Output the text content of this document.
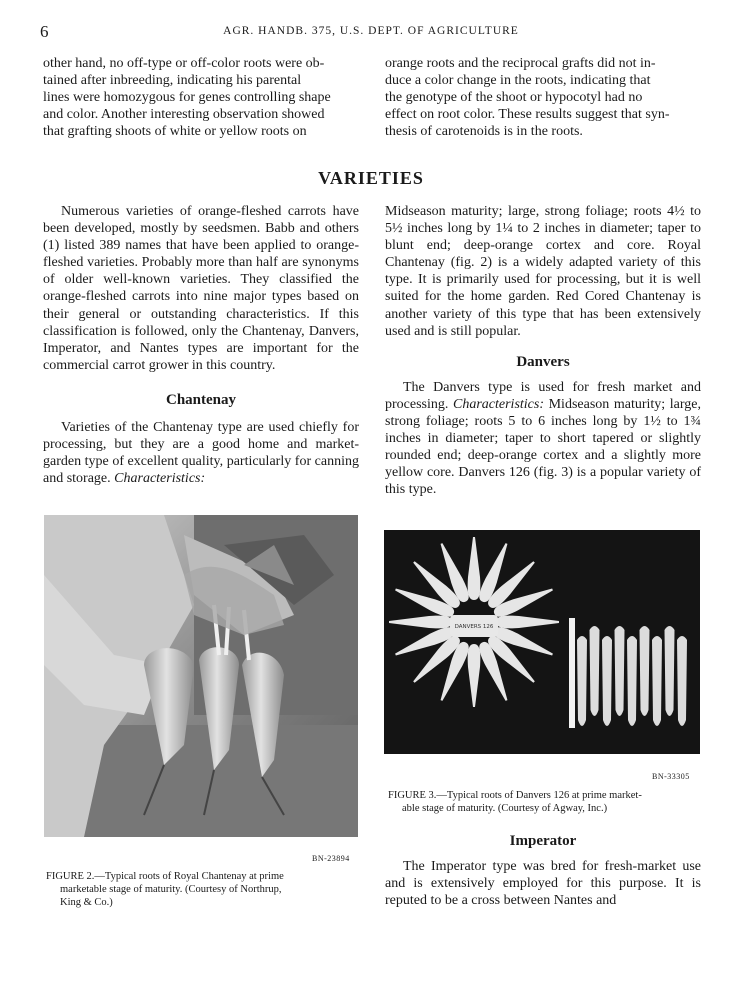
6	AGR. HANDB. 375, U.S. DEPT. OF AGRICULTURE

other hand, no off-type or off-color roots were ob-

tained after inbreeding, indicating his parental

lines were homozygous for genes controlling shape

and color. Another interesting observation showed

that grafting shoots of white or yellow roots on

orange roots and the reciprocal grafts did not in-

duce a color change in the roots, indicating that

the genotype of the shoot or hypocotyl had no

effect on root color. These results suggest that syn-

thesis of carotenoids is in the roots.

VARIETIES

Numerous varieties of orange-fleshed carrots have been developed, mostly by seedsmen. Babb and others (1) listed 389 names that have been applied to orange-fleshed varieties. Probably more than half are synonyms of older well-known varieties. They classified the orange-fleshed carrots into nine major types based on their general or outstanding characteristics. If this classification is followed, only the Chantenay, Danvers, Imperator, and Nantes types are important for the commercial carrot grower in this country.

Chantenay

Varieties of the Chantenay type are used chiefly for processing, but they are a good home and market-garden type of excellent quality, particularly for canning and storage. Characteristics:

Midseason maturity; large, strong foliage; roots 4½ to 5½ inches long by 1¼ to 2 inches in diameter; taper to blunt end; deep-orange cortex and core. Royal Chantenay (fig. 2) is a widely adapted variety of this type. It is primarily used for processing, but it is well suited for the home garden. Red Cored Chantenay is another variety of this type that has been extensively used and is still popular.

Danvers

The Danvers type is used for fresh market and processing. Characteristics: Midseason maturity; large, strong foliage; roots 5 to 6 inches long by 1½ to 1¾ inches in diameter; taper to short tapered or slightly rounded end; deep-orange cortex and a slightly more yellow core. Danvers 126 (fig. 3) is a popular variety of this type.

BN-23894

FIGURE 2.—Typical roots of Royal Chantenay at prime

marketable stage of maturity. (Courtesy of Northrup,

King & Co.)

DANVERS 126
BN-33305

FIGURE 3.—Typical roots of Danvers 126 at prime market-

able stage of maturity. (Courtesy of Agway, Inc.)

Imperator

The Imperator type was bred for fresh-market use and is extensively employed for this purpose. It is reputed to be a cross between Nantes and
